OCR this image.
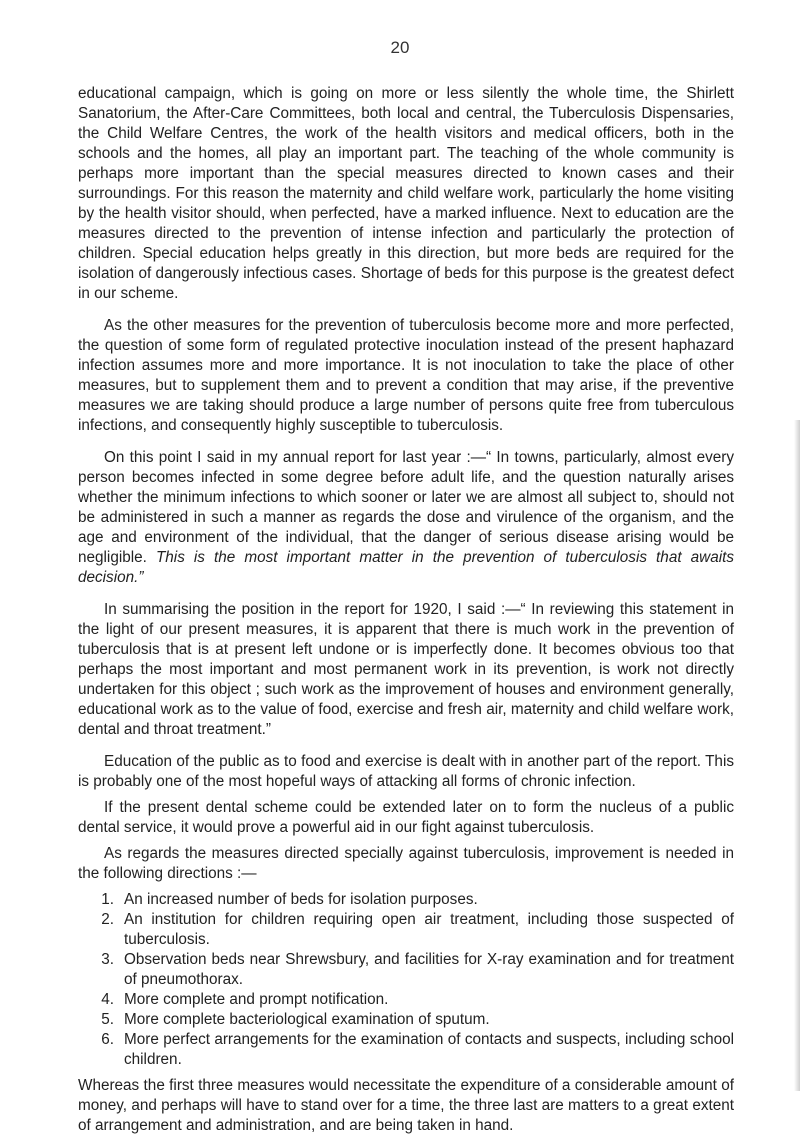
20

educational campaign, which is going on more or less silently the whole time, the Shirlett Sanatorium, the After-Care Committees, both local and central, the Tuberculosis Dispensaries, the Child Welfare Centres, the work of the health visitors and medical officers, both in the schools and the homes, all play an important part. The teaching of the whole community is perhaps more important than the special measures directed to known cases and their surroundings. For this reason the maternity and child welfare work, particularly the home visiting by the health visitor should, when perfected, have a marked influence. Next to education are the measures directed to the prevention of intense infection and particularly the protection of children. Special education helps greatly in this direction, but more beds are required for the isolation of dangerously infectious cases. Shortage of beds for this purpose is the greatest defect in our scheme.

As the other measures for the prevention of tuberculosis become more and more perfected, the question of some form of regulated protective inoculation instead of the present haphazard infection assumes more and more importance. It is not inoculation to take the place of other measures, but to supplement them and to prevent a condition that may arise, if the preventive measures we are taking should produce a large number of persons quite free from tuberculous infections, and consequently highly susceptible to tuberculosis.

On this point I said in my annual report for last year :—“ In towns, particularly, almost every person becomes infected in some degree before adult life, and the question naturally arises whether the minimum infections to which sooner or later we are almost all subject to, should not be administered in such a manner as regards the dose and virulence of the organism, and the age and environment of the individual, that the danger of serious disease arising would be negligible. This is the most important matter in the prevention of tuberculosis that awaits decision.”

In summarising the position in the report for 1920, I said :—“ In reviewing this statement in the light of our present measures, it is apparent that there is much work in the prevention of tuberculosis that is at present left undone or is imperfectly done. It becomes obvious too that perhaps the most important and most permanent work in its prevention, is work not directly undertaken for this object ; such work as the improvement of houses and environment generally, educational work as to the value of food, exercise and fresh air, maternity and child welfare work, dental and throat treatment.”

Education of the public as to food and exercise is dealt with in another part of the report. This is probably one of the most hopeful ways of attacking all forms of chronic infection.

If the present dental scheme could be extended later on to form the nucleus of a public dental service, it would prove a powerful aid in our fight against tuberculosis.

As regards the measures directed specially against tuberculosis, improvement is needed in the following directions :—

1. An increased number of beds for isolation purposes.
2. An institution for children requiring open air treatment, including those suspected of tuberculosis.
3. Observation beds near Shrewsbury, and facilities for X-ray examination and for treatment of pneumothorax.
4. More complete and prompt notification.
5. More complete bacteriological examination of sputum.
6. More perfect arrangements for the examination of contacts and suspects, including school children.

Whereas the first three measures would necessitate the expenditure of a considerable amount of money, and perhaps will have to stand over for a time, the three last are matters to a great extent of arrangement and administration, and are being taken in hand.
